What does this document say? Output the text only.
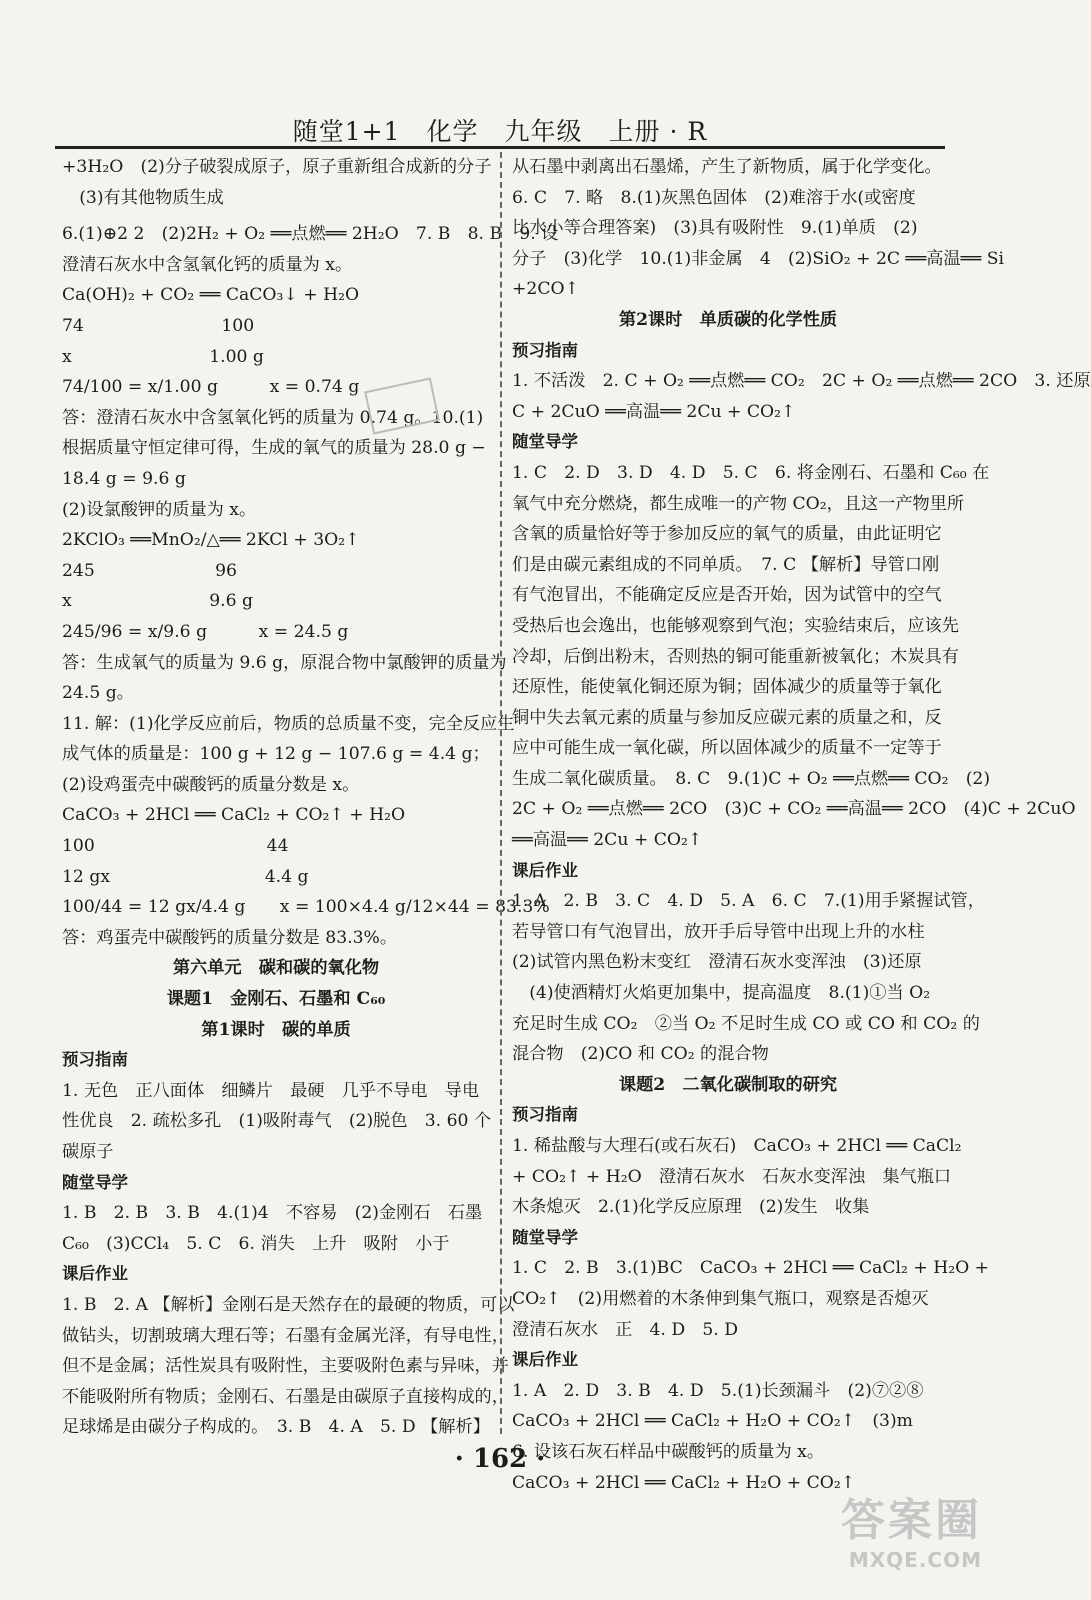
随堂1+1　化学　九年级　上册 · R
+3H₂O　(2)分子破裂成原子，原子重新组合成新的分子
　(3)有其他物质生成
6.(1)⊕2 2　(2)2H₂ + O₂ ══点燃══ 2H₂O　7. B　8. B　9. 设
澄清石灰水中含氢氧化钙的质量为 x。
Ca(OH)₂ + CO₂ ══ CaCO₃↓ + H₂O
74　　　　　　　　100
x　　　　　　　　1.00 g
74/100 = x/1.00 g　　　x = 0.74 g
答：澄清石灰水中含氢氧化钙的质量为 0.74 g。10.(1)
根据质量守恒定律可得，生成的氧气的质量为 28.0 g −
18.4 g = 9.6 g
(2)设氯酸钾的质量为 x。
2KClO₃ ══MnO₂/△══ 2KCl + 3O₂↑
245　　　　　　　96
x　　　　　　　　9.6 g
245/96 = x/9.6 g　　　x = 24.5 g
答：生成氧气的质量为 9.6 g，原混合物中氯酸钾的质量为
24.5 g。
11. 解：(1)化学反应前后，物质的总质量不变，完全反应生
成气体的质量是：100 g + 12 g − 107.6 g = 4.4 g；
(2)设鸡蛋壳中碳酸钙的质量分数是 x。
CaCO₃ + 2HCl ══ CaCl₂ + CO₂↑ + H₂O
100　　　　　　　　　　44
12 gx　　　　　　　　　4.4 g
100/44 = 12 gx/4.4 g　　x = 100×4.4 g/12×44 = 83.3%
答：鸡蛋壳中碳酸钙的质量分数是 83.3%。
第六单元　碳和碳的氧化物
课题1　金刚石、石墨和 C₆₀
第1课时　碳的单质
预习指南
1. 无色　正八面体　细鳞片　最硬　几乎不导电　导电
性优良　2. 疏松多孔　(1)吸附毒气　(2)脱色　3. 60 个
碳原子
随堂导学
1. B　2. B　3. B　4.(1)4　不容易　(2)金刚石　石墨
C₆₀　(3)CCl₄　5. C　6. 消失　上升　吸附　小于
课后作业
1. B　2. A 【解析】金刚石是天然存在的最硬的物质，可以
做钻头，切割玻璃大理石等；石墨有金属光泽，有导电性，
但不是金属；活性炭具有吸附性，主要吸附色素与异味，并
不能吸附所有物质；金刚石、石墨是由碳原子直接构成的，
足球烯是由碳分子构成的。　3. B　4. A　5. D 【解析】
从石墨中剥离出石墨烯，产生了新物质，属于化学变化。
6. C　7. 略　8.(1)灰黑色固体　(2)难溶于水(或密度
比水小等合理答案)　(3)具有吸附性　9.(1)单质　(2)
分子　(3)化学　10.(1)非金属　4　(2)SiO₂ + 2C ══高温══ Si
+2CO↑
第2课时　单质碳的化学性质
预习指南
1. 不活泼　2. C + O₂ ══点燃══ CO₂　2C + O₂ ══点燃══ 2CO　3. 还原
C + 2CuO ══高温══ 2Cu + CO₂↑
随堂导学
1. C　2. D　3. D　4. D　5. C　6. 将金刚石、石墨和 C₆₀ 在
氧气中充分燃烧，都生成唯一的产物 CO₂，且这一产物里所
含氧的质量恰好等于参加反应的氧气的质量，由此证明它
们是由碳元素组成的不同单质。　7. C 【解析】导管口刚
有气泡冒出，不能确定反应是否开始，因为试管中的空气
受热后也会逸出，也能够观察到气泡；实验结束后，应该先
冷却，后倒出粉末，否则热的铜可能重新被氧化；木炭具有
还原性，能使氧化铜还原为铜；固体减少的质量等于氧化
铜中失去氧元素的质量与参加反应碳元素的质量之和，反
应中可能生成一氧化碳，所以固体减少的质量不一定等于
生成二氧化碳质量。　8. C　9.(1)C + O₂ ══点燃══ CO₂　(2)
2C + O₂ ══点燃══ 2CO　(3)C + CO₂ ══高温══ 2CO　(4)C + 2CuO
══高温══ 2Cu + CO₂↑
课后作业
1. A　2. B　3. C　4. D　5. A　6. C　7.(1)用手紧握试管，
若导管口有气泡冒出，放开手后导管中出现上升的水柱
(2)试管内黑色粉末变红　澄清石灰水变浑浊　(3)还原
　(4)使酒精灯火焰更加集中，提高温度　8.(1)①当 O₂
充足时生成 CO₂　②当 O₂ 不足时生成 CO 或 CO 和 CO₂ 的
混合物　(2)CO 和 CO₂ 的混合物
课题2　二氧化碳制取的研究
预习指南
1. 稀盐酸与大理石(或石灰石)　CaCO₃ + 2HCl ══ CaCl₂
+ CO₂↑ + H₂O　澄清石灰水　石灰水变浑浊　集气瓶口
木条熄灭　2.(1)化学反应原理　(2)发生　收集
随堂导学
1. C　2. B　3.(1)BC　CaCO₃ + 2HCl ══ CaCl₂ + H₂O +
CO₂↑　(2)用燃着的木条伸到集气瓶口，观察是否熄灭
澄清石灰水　正　4. D　5. D
课后作业
1. A　2. D　3. B　4. D　5.(1)长颈漏斗　(2)⑦②⑧
CaCO₃ + 2HCl ══ CaCl₂ + H₂O + CO₂↑　(3)m
6. 设该石灰石样品中碳酸钙的质量为 x。
CaCO₃ + 2HCl ══ CaCl₂ + H₂O + CO₂↑
· 162 ·
答案圈
MXQE.COM
